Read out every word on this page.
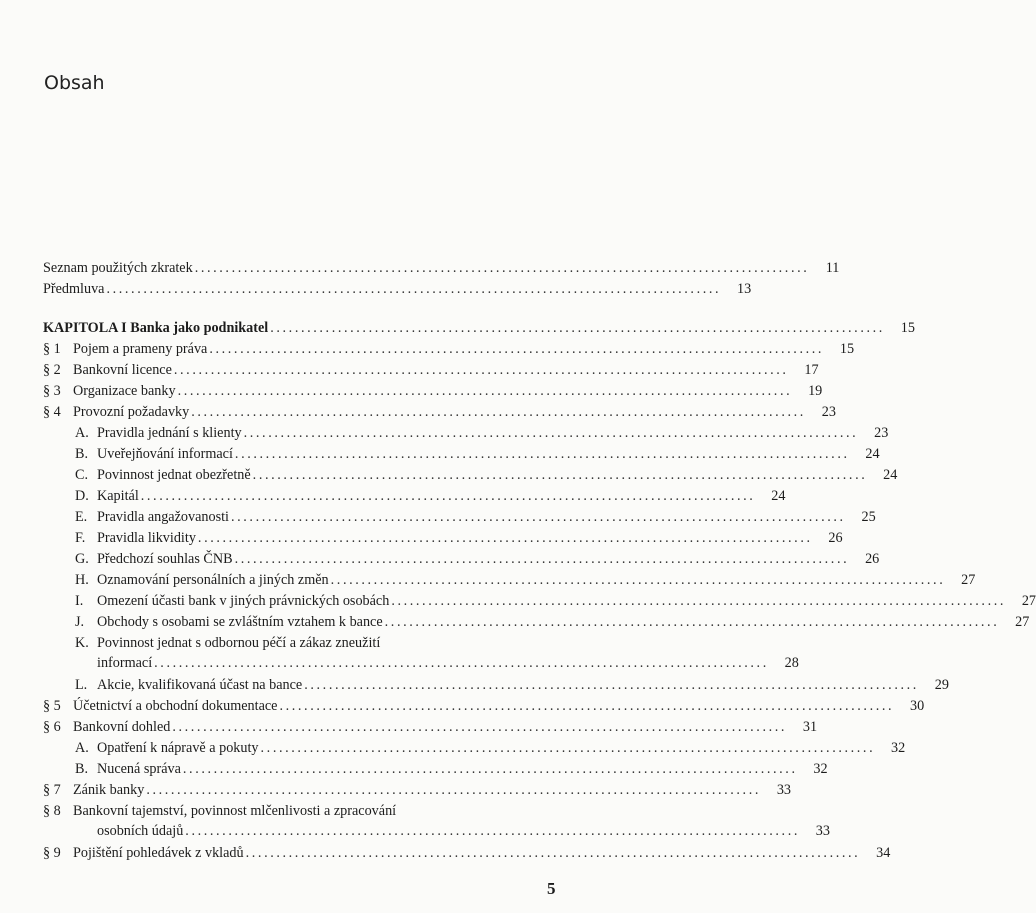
Obsah
Seznam použitých zkratek ....................................................................................................	11
Předmluva ....................................................................................................	13
KAPITOLA I Banka jako podnikatel ....................................................................................................	15
§ 1 Pojem a prameny práva ....................................................................................................	15
§ 2 Bankovní licence ....................................................................................................	17
§ 3 Organizace banky ....................................................................................................	19
§ 4 Provozní požadavky ....................................................................................................	23
A. Pravidla jednání s klienty ....................................................................................................	23
B. Uveřejňování informací ....................................................................................................	24
C. Povinnost jednat obezřetně ....................................................................................................	24
D. Kapitál ....................................................................................................	24
E. Pravidla angažovanosti ....................................................................................................	25
F. Pravidla likvidity ....................................................................................................	26
G. Předchozí souhlas ČNB ....................................................................................................	26
H. Oznamování personálních a jiných změn ....................................................................................................	27
I. Omezení účasti bank v jiných právnických osobách ....................................................................................................	27
J. Obchody s osobami se zvláštním vztahem k bance ....................................................................................................	27
K. Povinnost jednat s odbornou péčí a zákaz zneužití
informací ....................................................................................................	28
L. Akcie, kvalifikovaná účast na bance ....................................................................................................	29
§ 5 Účetnictví a obchodní dokumentace ....................................................................................................	30
§ 6 Bankovní dohled ....................................................................................................	31
A. Opatření k nápravě a pokuty ....................................................................................................	32
B. Nucená správa ....................................................................................................	32
§ 7 Zánik banky ....................................................................................................	33
§ 8 Bankovní tajemství, povinnost mlčenlivosti a zpracování
osobních údajů ....................................................................................................	33
§ 9 Pojištění pohledávek z vkladů ....................................................................................................	34
5
